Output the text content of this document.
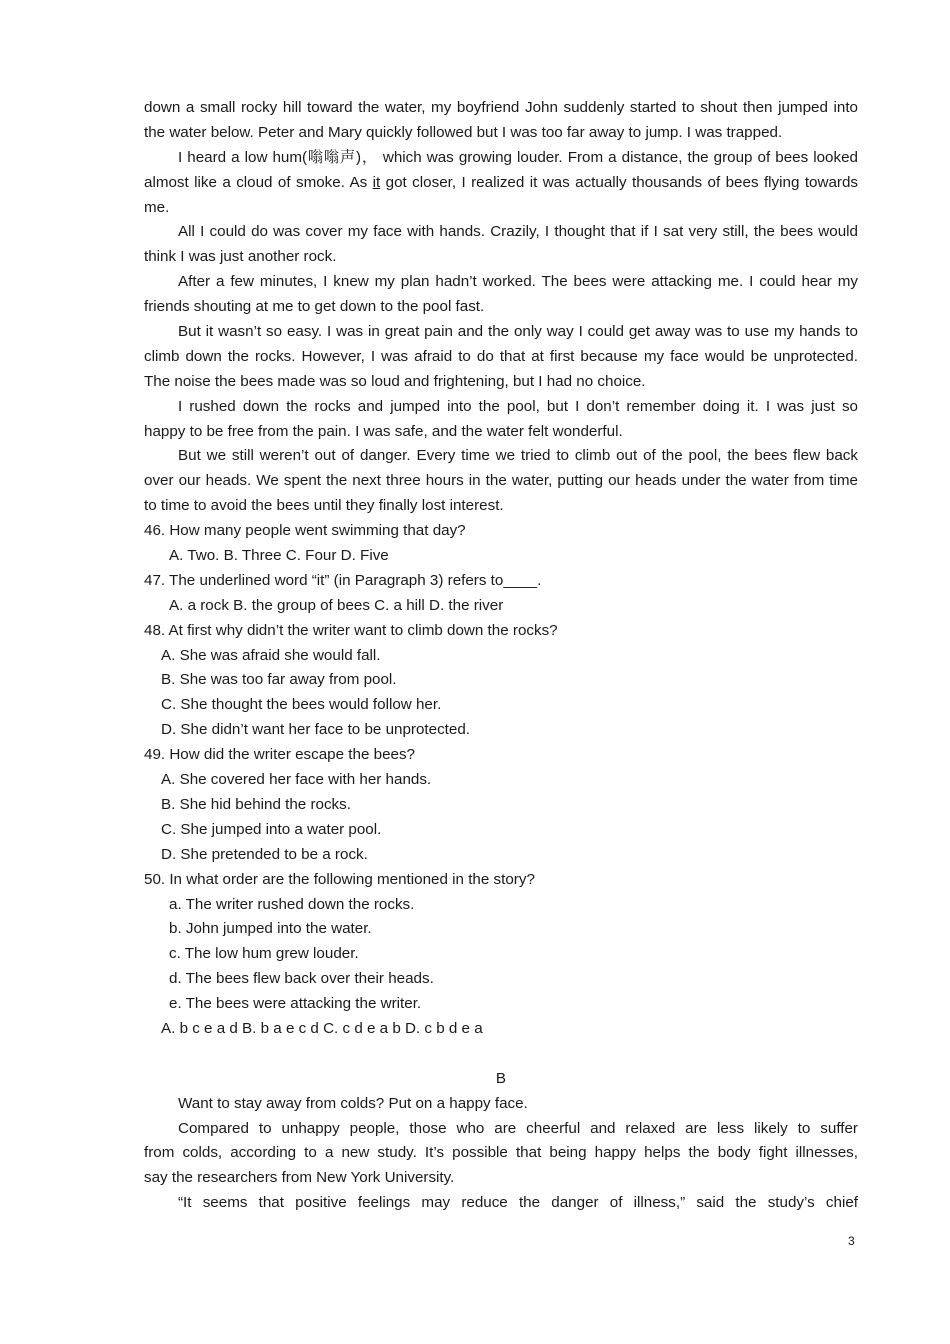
down a small rocky hill toward the water, my boyfriend John suddenly started to shout then jumped into
the water below. Peter and Mary quickly followed but I was too far away to jump. I was trapped.
I heard a low hum(嗡嗡声)， which was growing louder. From a distance, the group of bees looked
almost like a cloud of smoke. As it got closer, I realized it was actually thousands of bees flying towards
me.
All I could do was cover my face with hands. Crazily, I thought that if I sat very still, the bees would
think I was just another rock.
After a few minutes, I knew my plan hadn’t worked. The bees were attacking me. I could hear my
friends shouting at me to get down to the pool fast.
But it wasn’t so easy. I was in great pain and the only way I could get away was to use my hands to
climb down the rocks. However, I was afraid to do that at first because my face would be unprotected.
The noise the bees made was so loud and frightening, but I had no choice.
I rushed down the rocks and jumped into the pool, but I don’t remember doing it. I was just so
happy to be free from the pain. I was safe, and the water felt wonderful.
But we still weren’t out of danger. Every time we tried to climb out of the pool, the bees flew back
over our heads. We spent the next three hours in the water, putting our heads under the water from time
to time to avoid the bees until they finally lost interest.
46. How many people went swimming that day?
A. Two. B. Three C. Four D. Five
47. The underlined word “it” (in Paragraph 3) refers to____.
A. a rock B. the group of bees C. a hill D. the river
48. At first why didn’t the writer want to climb down the rocks?
A. She was afraid she would fall.
B. She was too far away from pool.
C. She thought the bees would follow her.
D. She didn’t want her face to be unprotected.
49. How did the writer escape the bees?
A. She covered her face with her hands.
B. She hid behind the rocks.
C. She jumped into a water pool.
D. She pretended to be a rock.
50. In what order are the following mentioned in the story?
a. The writer rushed down the rocks.
b. John jumped into the water.
c. The low hum grew louder.
d. The bees flew back over their heads.
e. The bees were attacking the writer.
A. b c e a d B. b a e c d C. c d e a b D. c b d e a
B
Want to stay away from colds? Put on a happy face.
Compared to unhappy people, those who are cheerful and relaxed are less likely to suffer
from colds, according to a new study. It’s possible that being happy helps the body fight illnesses,
say the researchers from New York University.
“It seems that positive feelings may reduce the danger of illness,” said the study’s chief
3
